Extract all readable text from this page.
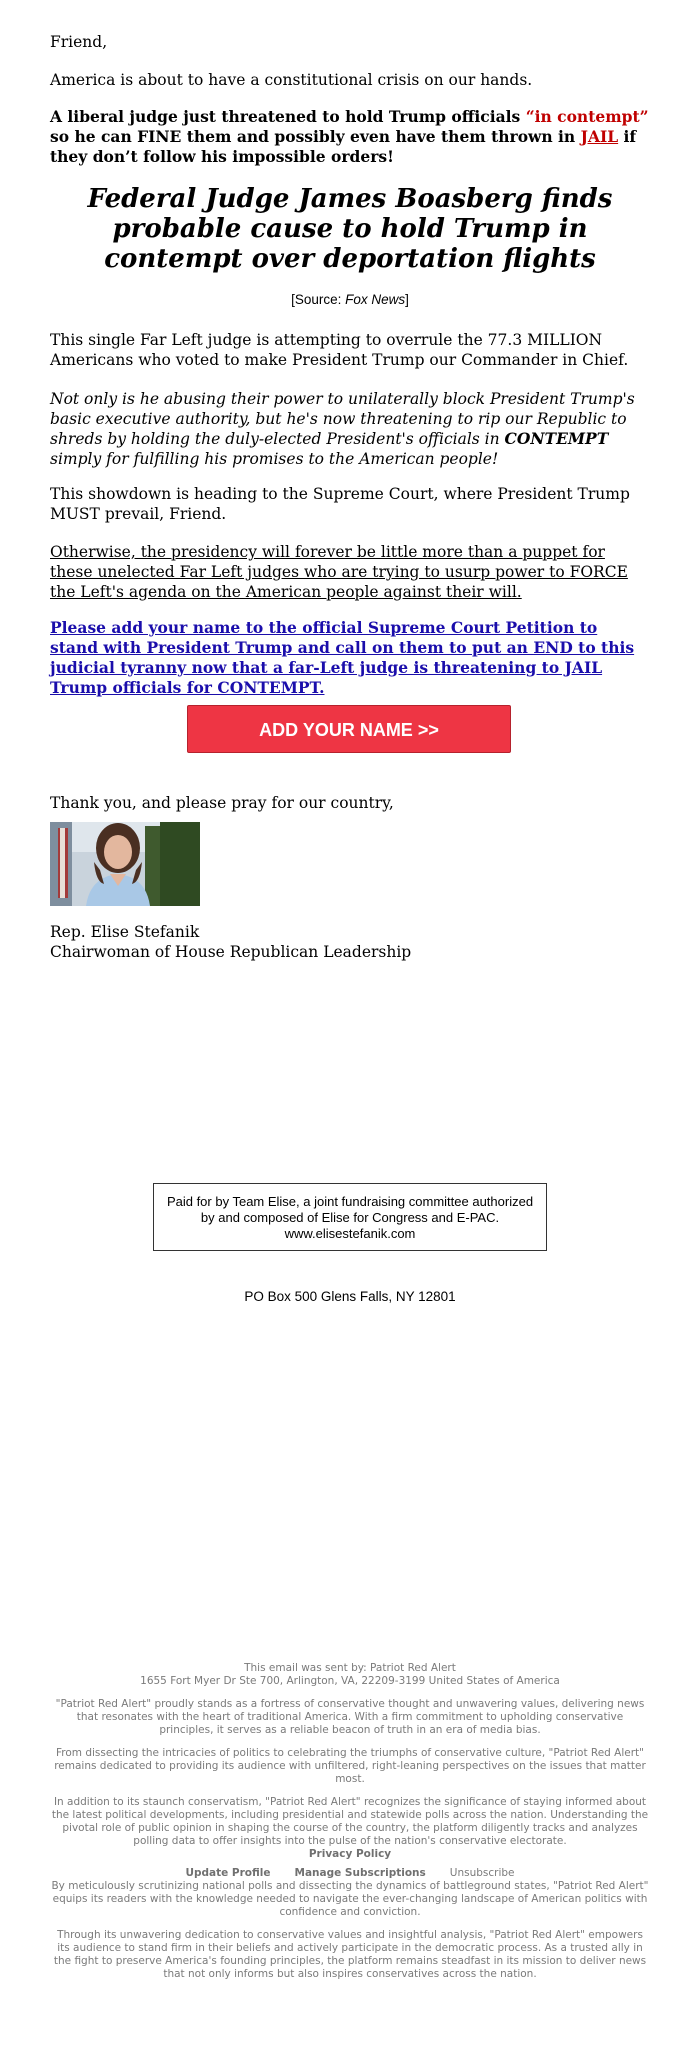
Friend,

America is about to have a constitutional crisis on our hands.

A liberal judge just threatened to hold Trump officials “in contempt” so he can FINE them and possibly even have them thrown in JAIL if they don’t follow his impossible orders!

Federal Judge James Boasberg finds probable cause to hold Trump in contempt over deportation flights
[Source: Fox News]

This single Far Left judge is attempting to overrule the 77.3 MILLION Americans who voted to make President Trump our Commander in Chief.

Not only is he abusing their power to unilaterally block President Trump's basic executive authority, but he's now threatening to rip our Republic to shreds by holding the duly-elected President's officials in CONTEMPT simply for fulfilling his promises to the American people!

This showdown is heading to the Supreme Court, where President Trump MUST prevail, Friend.

Otherwise, the presidency will forever be little more than a puppet for these unelected Far Left judges who are trying to usurp power to FORCE the Left's agenda on the American people against their will.

Please add your name to the official Supreme Court Petition to stand with President Trump and call on them to put an END to this judicial tyranny now that a far-Left judge is threatening to JAIL Trump officials for CONTEMPT.

ADD YOUR NAME >>

Thank you, and please pray for our country,

Rep. Elise Stefanik

Chairwoman of House Republican Leadership

Paid for by Team Elise, a joint fundraising committee authorized by and composed of Elise for Congress and E-PAC. www.elisestefanik.com
PO Box 500 Glens Falls, NY 12801

This email was sent by: Patriot Red Alert

1655 Fort Myer Dr Ste 700, Arlington, VA, 22209-3199 United States of America

"Patriot Red Alert" proudly stands as a fortress of conservative thought and unwavering values, delivering news that resonates with the heart of traditional America. With a firm commitment to upholding conservative principles, it serves as a reliable beacon of truth in an era of media bias.

From dissecting the intricacies of politics to celebrating the triumphs of conservative culture, "Patriot Red Alert" remains dedicated to providing its audience with unfiltered, right-leaning perspectives on the issues that matter most.

In addition to its staunch conservatism, "Patriot Red Alert" recognizes the significance of staying informed about the latest political developments, including presidential and statewide polls across the nation. Understanding the pivotal role of public opinion in shaping the course of the country, the platform diligently tracks and analyzes polling data to offer insights into the pulse of the nation's conservative electorate.

Privacy Policy

Update Profile Manage Subscriptions Unsubscribe

By meticulously scrutinizing national polls and dissecting the dynamics of battleground states, "Patriot Red Alert" equips its readers with the knowledge needed to navigate the ever-changing landscape of American politics with confidence and conviction.

Through its unwavering dedication to conservative values and insightful analysis, "Patriot Red Alert" empowers its audience to stand firm in their beliefs and actively participate in the democratic process. As a trusted ally in the fight to preserve America's founding principles, the platform remains steadfast in its mission to deliver news that not only informs but also inspires conservatives across the nation.
